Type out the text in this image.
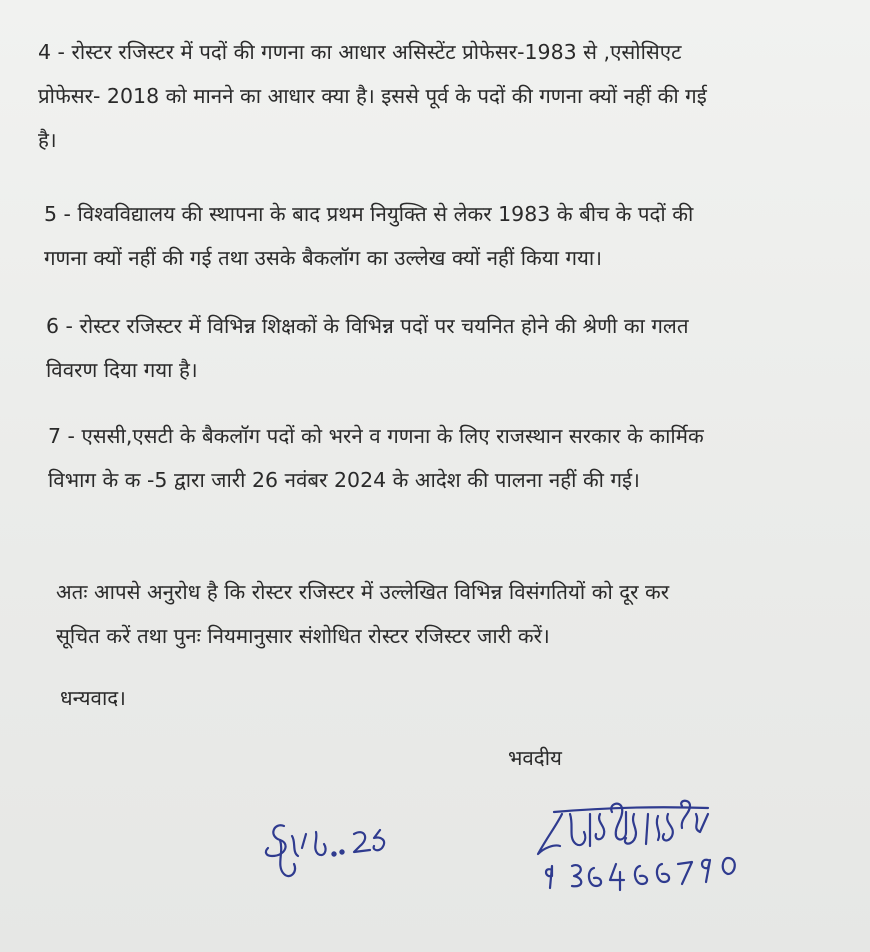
4 - रोस्टर रजिस्टर में पदों की गणना का आधार असिस्टेंट प्रोफेसर-1983 से ,एसोसिएट
प्रोफेसर- 2018 को मानने का आधार क्या है। इससे पूर्व के पदों की गणना क्यों नहीं की गई
है।

5 - विश्वविद्यालय की स्थापना के बाद प्रथम नियुक्ति से लेकर 1983 के बीच के पदों की
गणना क्यों नहीं की गई तथा उसके बैकलॉग का उल्लेख क्यों नहीं किया गया।

6 - रोस्टर रजिस्टर में विभिन्न शिक्षकों के विभिन्न पदों पर चयनित होने की श्रेणी का गलत
विवरण दिया गया है।

7 - एससी,एसटी के बैकलॉग पदों को भरने व गणना के लिए राजस्थान सरकार के कार्मिक
विभाग के क -5 द्वारा जारी 26 नवंबर 2024 के आदेश की पालना नहीं की गई।

अतः आपसे अनुरोध है कि रोस्टर रजिस्टर में उल्लेखित विभिन्न विसंगतियों को दूर कर
सूचित करें तथा पुनः नियमानुसार संशोधित रोस्टर रजिस्टर जारी करें।

धन्यवाद।

भवदीय
